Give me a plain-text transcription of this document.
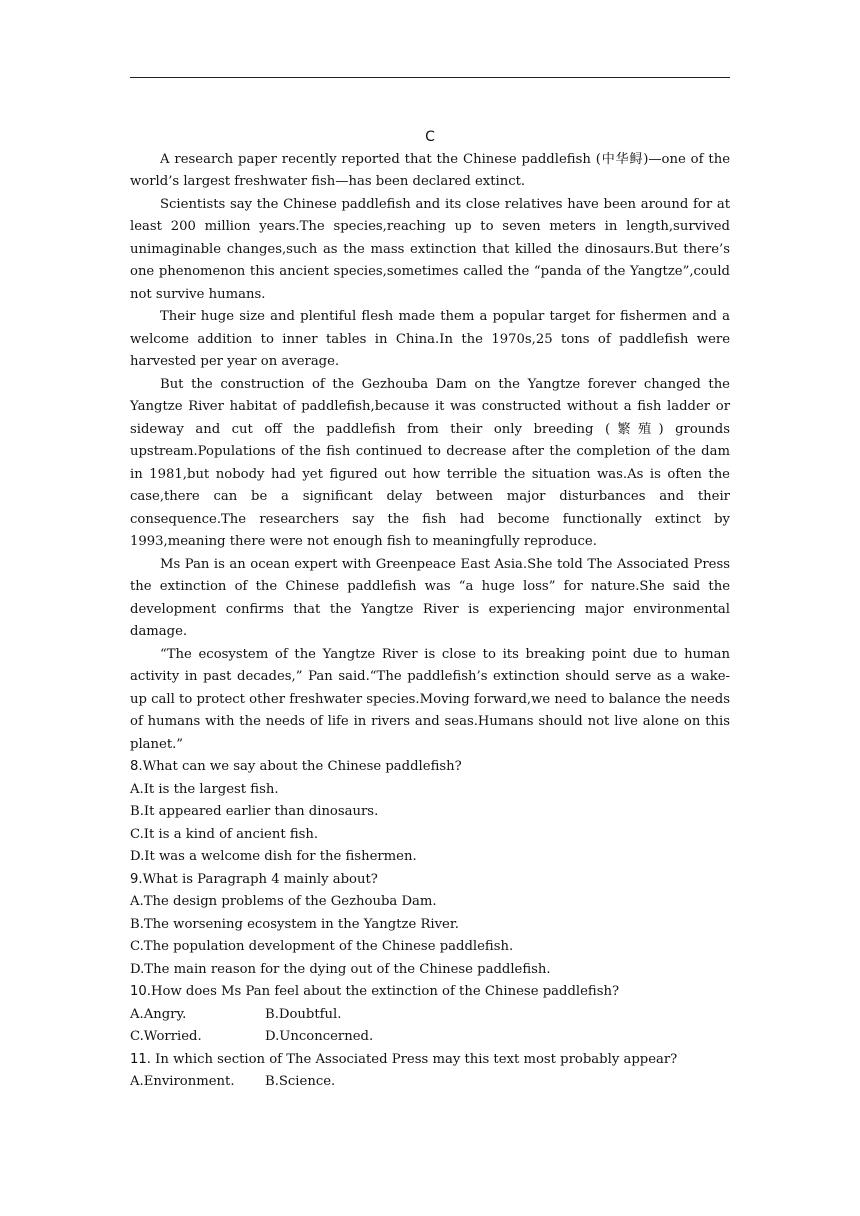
C

A research paper recently reported that the Chinese paddlefish (中华鲟)—one of the world’s largest freshwater fish—has been declared extinct.

Scientists say the Chinese paddlefish and its close relatives have been around for at least 200 million years.The species,reaching up to seven meters in length,survived unimaginable changes,such as the mass extinction that killed the dinosaurs.But there’s one phenomenon this ancient species,sometimes called the “panda of the Yangtze”,could not survive humans.

Their huge size and plentiful flesh made them a popular target for fishermen and a welcome addition to inner tables in China.In the 1970s,25 tons of paddlefish were harvested per year on average.

But the construction of the Gezhouba Dam on the Yangtze forever changed the Yangtze River habitat of paddlefish,because it was constructed without a fish ladder or sideway and cut off the paddlefish from their only breeding (繁殖) grounds upstream.Populations of the fish continued to decrease after the completion of the dam in 1981,but nobody had yet figured out how terrible the situation was.As is often the case,there can be a significant delay between major disturbances and their consequence.The researchers say the fish had become functionally extinct by 1993,meaning there were not enough fish to meaningfully reproduce.

Ms Pan is an ocean expert with Greenpeace East Asia.She told The Associated Press the extinction of the Chinese paddlefish was “a huge loss” for nature.She said the development confirms that the Yangtze River is experiencing major environmental damage.

“The ecosystem of the Yangtze River is close to its breaking point due to human activity in past decades,” Pan said.“The paddlefish’s extinction should serve as a wake-up call to protect other freshwater species.Moving forward,we need to balance the needs of humans with the needs of life in rivers and seas.Humans should not live alone on this planet.”

8.What can we say about the Chinese paddlefish?

A.It is the largest fish.

B.It appeared earlier than dinosaurs.

C.It is a kind of ancient fish.

D.It was a welcome dish for the fishermen.

9.What is Paragraph 4 mainly about?

A.The design problems of the Gezhouba Dam.

B.The worsening ecosystem in the Yangtze River.

C.The population development of the Chinese paddlefish.

D.The main reason for the dying out of the Chinese paddlefish.

10.How does Ms Pan feel about the extinction of the Chinese paddlefish?

A.Angry.	B.Doubtful.

C.Worried.	D.Unconcerned.

11. In which section of The Associated Press may this text most probably appear?

A.Environment.	B.Science.
